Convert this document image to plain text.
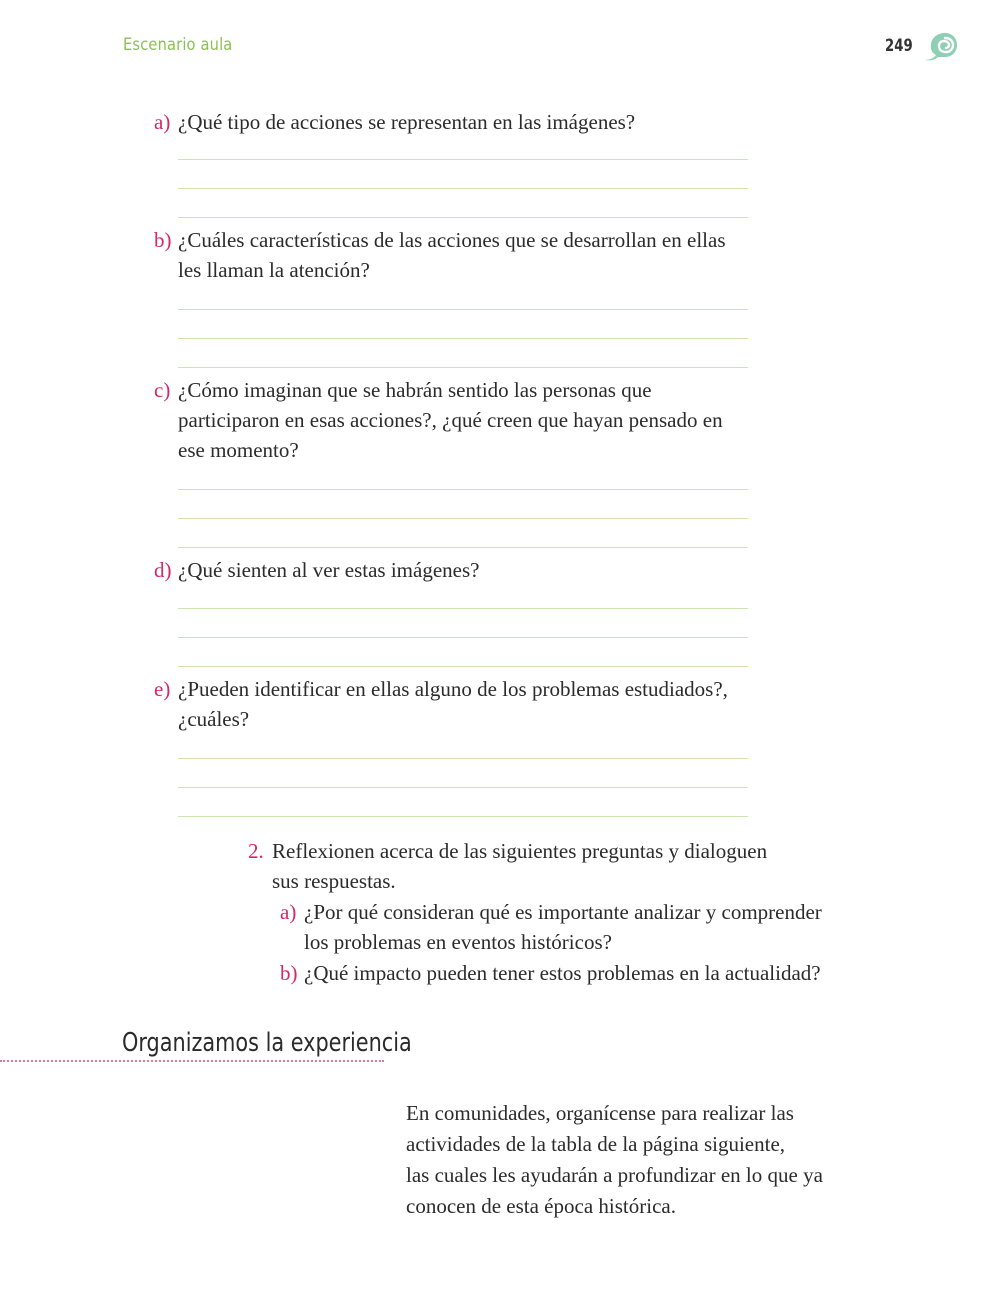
Escenario aula	249
a) ¿Qué tipo de acciones se representan en las imágenes?
b) ¿Cuáles características de las acciones que se desarrollan en ellas
les llaman la atención?
c) ¿Cómo imaginan que se habrán sentido las personas que
participaron en esas acciones?, ¿qué creen que hayan pensado en
ese momento?
d) ¿Qué sienten al ver estas imágenes?
e) ¿Pueden identificar en ellas alguno de los problemas estudiados?,
¿cuáles?
2. Reflexionen acerca de las siguientes preguntas y dialoguen
sus respuestas.
a) ¿Por qué consideran qué es importante analizar y comprender
los problemas en eventos históricos?
b) ¿Qué impacto pueden tener estos problemas en la actualidad?
Organizamos la experiencia
En comunidades, organícense para realizar las
actividades de la tabla de la página siguiente,
las cuales les ayudarán a profundizar en lo que ya
conocen de esta época histórica.
